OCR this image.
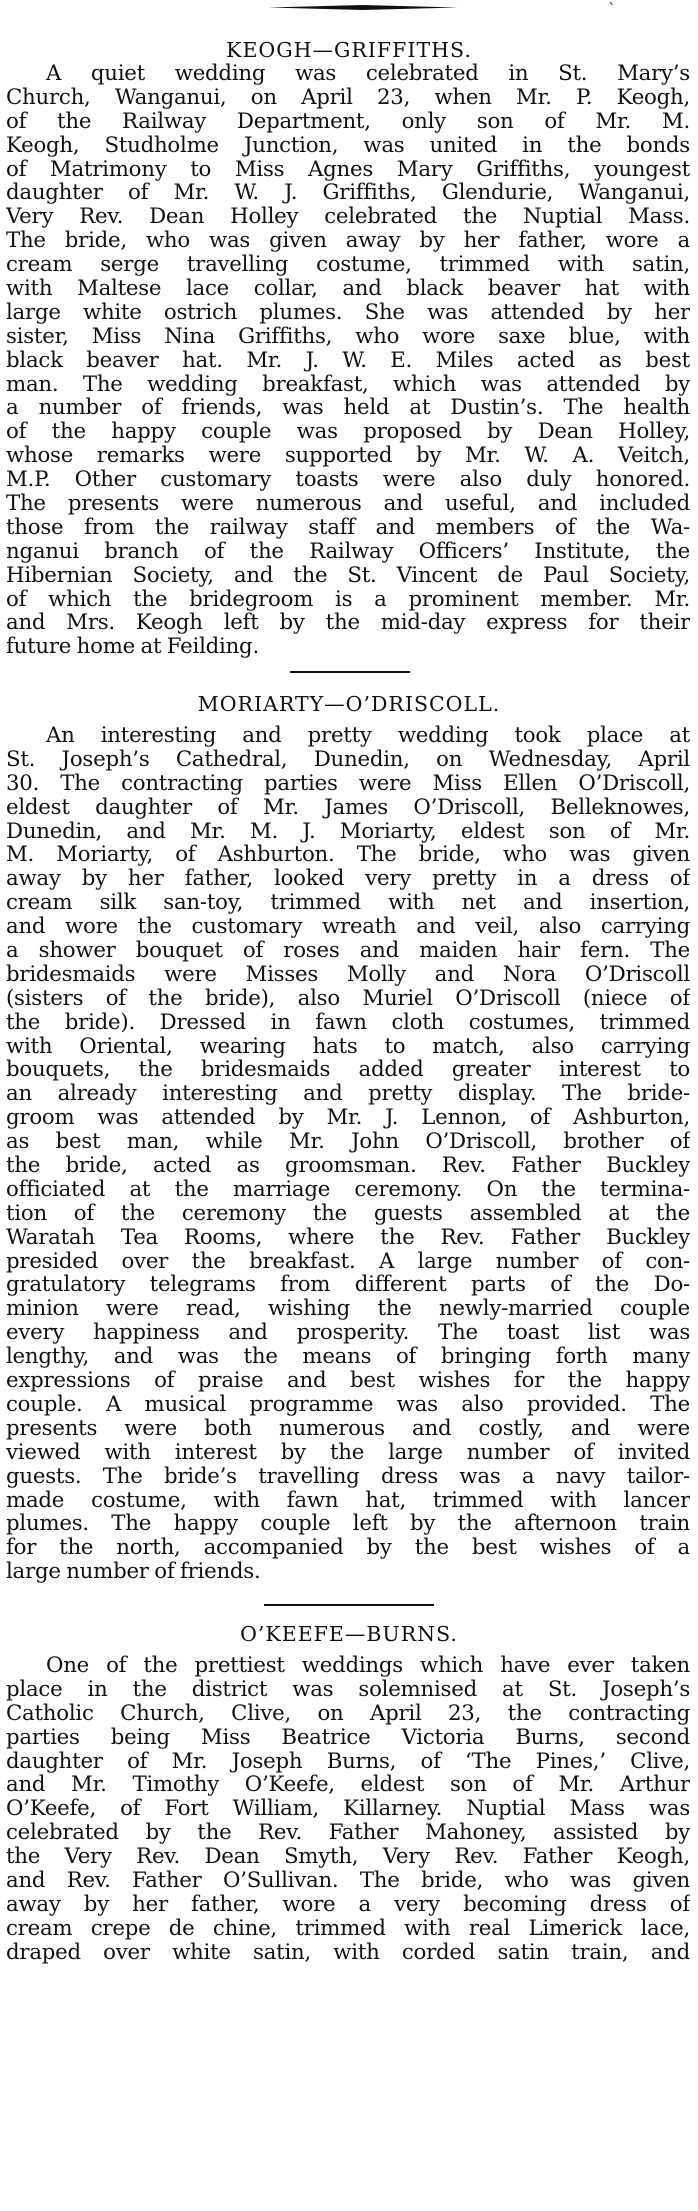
ˋ
KEOGH—GRIFFITHS.
A quiet wedding was celebrated in St. Mary’s
Church, Wanganui, on April 23, when Mr. P. Keogh,
of the Railway Department, only son of Mr. M.
Keogh, Studholme Junction, was united in the bonds
of Matrimony to Miss Agnes Mary Griffiths, youngest
daughter of Mr. W. J. Griffiths, Glendurie, Wanganui,
Very Rev. Dean Holley celebrated the Nuptial Mass.
The bride, who was given away by her father, wore a
cream serge travelling costume, trimmed with satin,
with Maltese lace collar, and black beaver hat with
large white ostrich plumes. She was attended by her
sister, Miss Nina Griffiths, who wore saxe blue, with
black beaver hat. Mr. J. W. E. Miles acted as best
man. The wedding breakfast, which was attended by
a number of friends, was held at Dustin’s. The health
of the happy couple was proposed by Dean Holley,
whose remarks were supported by Mr. W. A. Veitch,
M.P. Other customary toasts were also duly honored.
The presents were numerous and useful, and included
those from the railway staff and members of the Wa-
nganui branch of the Railway Officers’ Institute, the
Hibernian Society, and the St. Vincent de Paul Society,
of which the bridegroom is a prominent member. Mr.
and Mrs. Keogh left by the mid-day express for their
future home at Feilding.
MORIARTY—O’DRISCOLL.
An interesting and pretty wedding took place at
St. Joseph’s Cathedral, Dunedin, on Wednesday, April
30. The contracting parties were Miss Ellen O’Driscoll,
eldest daughter of Mr. James O’Driscoll, Belleknowes,
Dunedin, and Mr. M. J. Moriarty, eldest son of Mr.
M. Moriarty, of Ashburton. The bride, who was given
away by her father, looked very pretty in a dress of
cream silk san-toy, trimmed with net and insertion,
and wore the customary wreath and veil, also carrying
a shower bouquet of roses and maiden hair fern. The
bridesmaids were Misses Molly and Nora O’Driscoll
(sisters of the bride), also Muriel O’Driscoll (niece of
the bride). Dressed in fawn cloth costumes, trimmed
with Oriental, wearing hats to match, also carrying
bouquets, the bridesmaids added greater interest to
an already interesting and pretty display. The bride-
groom was attended by Mr. J. Lennon, of Ashburton,
as best man, while Mr. John O’Driscoll, brother of
the bride, acted as groomsman. Rev. Father Buckley
officiated at the marriage ceremony. On the termina-
tion of the ceremony the guests assembled at the
Waratah Tea Rooms, where the Rev. Father Buckley
presided over the breakfast. A large number of con-
gratulatory telegrams from different parts of the Do-
minion were read, wishing the newly-married couple
every happiness and prosperity. The toast list was
lengthy, and was the means of bringing forth many
expressions of praise and best wishes for the happy
couple. A musical programme was also provided. The
presents were both numerous and costly, and were
viewed with interest by the large number of invited
guests. The bride’s travelling dress was a navy tailor-
made costume, with fawn hat, trimmed with lancer
plumes. The happy couple left by the afternoon train
for the north, accompanied by the best wishes of a
large number of friends.
O’KEEFE—BURNS.
One of the prettiest weddings which have ever taken
place in the district was solemnised at St. Joseph’s
Catholic Church, Clive, on April 23, the contracting
parties being Miss Beatrice Victoria Burns, second
daughter of Mr. Joseph Burns, of ‘The Pines,’ Clive,
and Mr. Timothy O’Keefe, eldest son of Mr. Arthur
O’Keefe, of Fort William, Killarney. Nuptial Mass was
celebrated by the Rev. Father Mahoney, assisted by
the Very Rev. Dean Smyth, Very Rev. Father Keogh,
and Rev. Father O’Sullivan. The bride, who was given
away by her father, wore a very becoming dress of
cream crepe de chine, trimmed with real Limerick lace,
draped over white satin, with corded satin train, and
